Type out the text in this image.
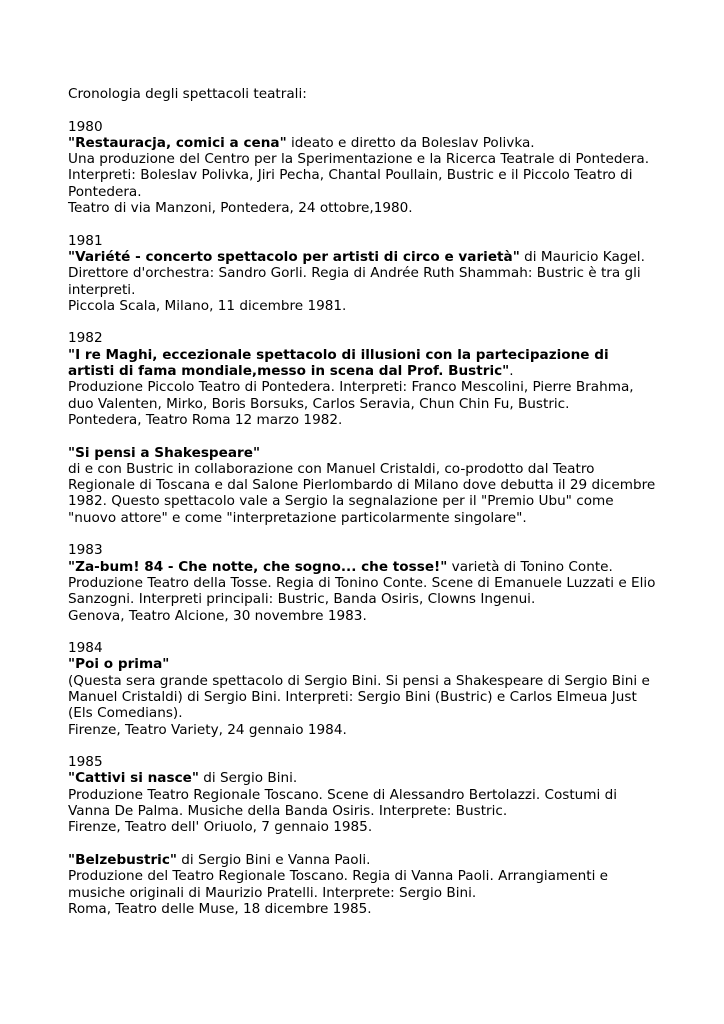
Cronologia degli spettacoli teatrali:

1980

"Restauracja, comici a cena" ideato e diretto da Boleslav Polivka.

Una produzione del Centro per la Sperimentazione e la Ricerca Teatrale di Pontedera.

Interpreti: Boleslav Polivka, Jiri Pecha, Chantal Poullain, Bustric e il Piccolo Teatro di Pontedera.

Teatro di via Manzoni, Pontedera, 24 ottobre,1980.

1981

"Variété - concerto spettacolo per artisti di circo e varietà" di Mauricio Kagel.

Direttore d'orchestra: Sandro Gorli. Regia di Andrée Ruth Shammah: Bustric è tra gli interpreti.

Piccola Scala, Milano, 11 dicembre 1981.

1982

"I re Maghi, eccezionale spettacolo di illusioni con la partecipazione di artisti di fama mondiale,messo in scena dal Prof. Bustric".

Produzione Piccolo Teatro di Pontedera. Interpreti: Franco Mescolini, Pierre Brahma, duo Valenten, Mirko, Boris Borsuks, Carlos Seravia, Chun Chin Fu, Bustric.

Pontedera, Teatro Roma 12 marzo 1982.

"Si pensi a Shakespeare"

di e con Bustric in collaborazione con Manuel Cristaldi, co-prodotto dal Teatro Regionale di Toscana e dal Salone Pierlombardo di Milano dove debutta il 29 dicembre 1982. Questo spettacolo vale a Sergio la segnalazione per il "Premio Ubu" come "nuovo attore" e come "interpretazione particolarmente singolare".

1983

"Za-bum! 84 - Che notte, che sogno... che tosse!" varietà di Tonino Conte.

Produzione Teatro della Tosse. Regia di Tonino Conte. Scene di Emanuele Luzzati e Elio Sanzogni. Interpreti principali: Bustric, Banda Osiris, Clowns Ingenui.

Genova, Teatro Alcione, 30 novembre 1983.

1984

"Poi o prima"

(Questa sera grande spettacolo di Sergio Bini. Si pensi a Shakespeare di Sergio Bini e Manuel Cristaldi) di Sergio Bini. Interpreti: Sergio Bini (Bustric) e Carlos Elmeua Just (Els Comedians).

Firenze, Teatro Variety, 24 gennaio 1984.

1985

"Cattivi si nasce" di Sergio Bini.

Produzione Teatro Regionale Toscano. Scene di Alessandro Bertolazzi. Costumi di Vanna De Palma. Musiche della Banda Osiris. Interprete: Bustric.

Firenze, Teatro dell' Oriuolo, 7 gennaio 1985.

"Belzebustric" di Sergio Bini e Vanna Paoli.

Produzione del Teatro Regionale Toscano. Regia di Vanna Paoli. Arrangiamenti e musiche originali di Maurizio Pratelli. Interprete: Sergio Bini.

Roma, Teatro delle Muse, 18 dicembre 1985.
